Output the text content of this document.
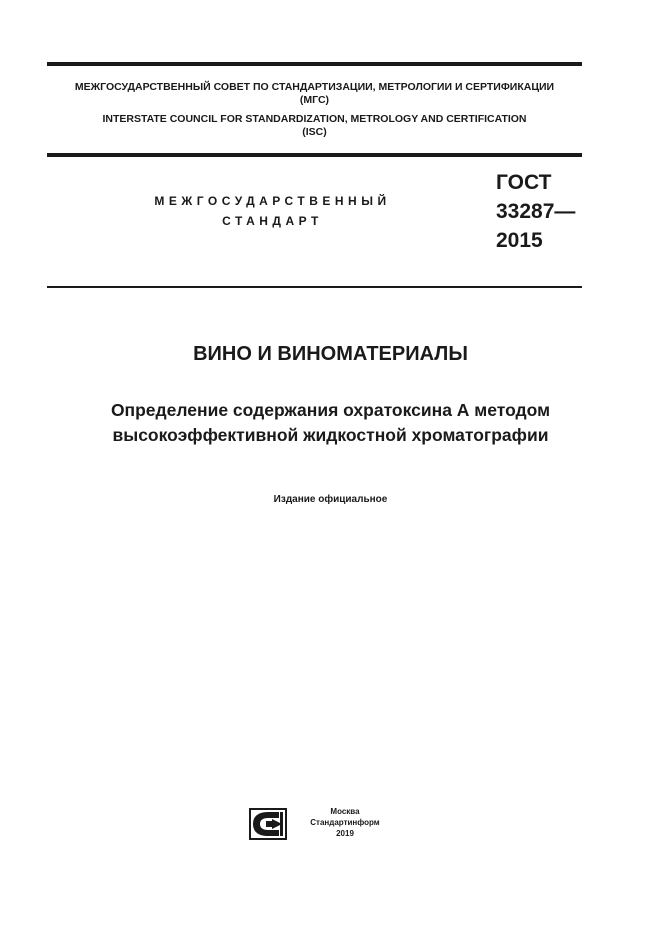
МЕЖГОСУДАРСТВЕННЫЙ СОВЕТ ПО СТАНДАРТИЗАЦИИ, МЕТРОЛОГИИ И СЕРТИФИКАЦИИ
(МГС)
INTERSTATE COUNCIL FOR STANDARDIZATION, METROLOGY AND CERTIFICATION
(ISC)
МЕЖГОСУДАРСТВЕННЫЙ
СТАНДАРТ
ГОСТ
33287—
2015
ВИНО И ВИНОМАТЕРИАЛЫ
Определение содержания охратоксина А методом
высокоэффективной жидкостной хроматографии
Издание официальное
Москва
Стандартинформ
2019
